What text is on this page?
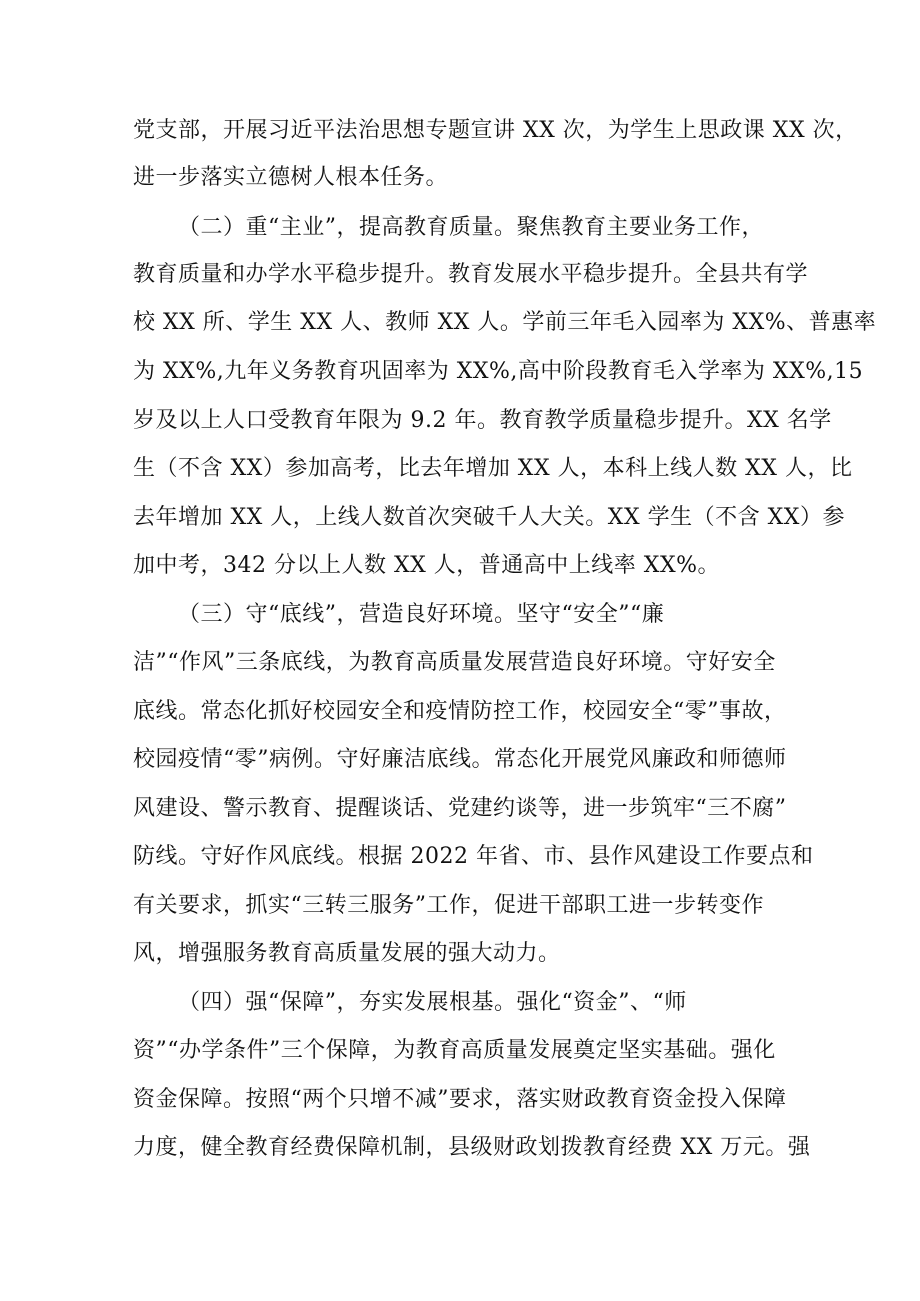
党支部，开展习近平法治思想专题宣讲 XX 次，为学生上思政课 XX 次，
进一步落实立德树人根本任务。
（二）重“主业”，提高教育质量。聚焦教育主要业务工作，
教育质量和办学水平稳步提升。教育发展水平稳步提升。全县共有学
校 XX 所、学生 XX 人、教师 XX 人。学前三年毛入园率为 XX%、普惠率
为 XX%,九年义务教育巩固率为 XX%,高中阶段教育毛入学率为 XX%,15
岁及以上人口受教育年限为 9.2 年。教育教学质量稳步提升。XX 名学
生（不含 XX）参加高考，比去年增加 XX 人，本科上线人数 XX 人，比
去年增加 XX 人，上线人数首次突破千人大关。XX 学生（不含 XX）参
加中考，342 分以上人数 XX 人，普通高中上线率 XX%。
（三）守“底线”，营造良好环境。坚守“安全”“廉
洁”“作风”三条底线，为教育高质量发展营造良好环境。守好安全
底线。常态化抓好校园安全和疫情防控工作，校园安全“零”事故，
校园疫情“零”病例。守好廉洁底线。常态化开展党风廉政和师德师
风建设、警示教育、提醒谈话、党建约谈等，进一步筑牢“三不腐”
防线。守好作风底线。根据 2022 年省、市、县作风建设工作要点和
有关要求，抓实“三转三服务”工作，促进干部职工进一步转变作
风，增强服务教育高质量发展的强大动力。
（四）强“保障”，夯实发展根基。强化“资金”、“师
资”“办学条件”三个保障，为教育高质量发展奠定坚实基础。强化
资金保障。按照“两个只增不减”要求，落实财政教育资金投入保障
力度，健全教育经费保障机制，县级财政划拨教育经费 XX 万元。强
